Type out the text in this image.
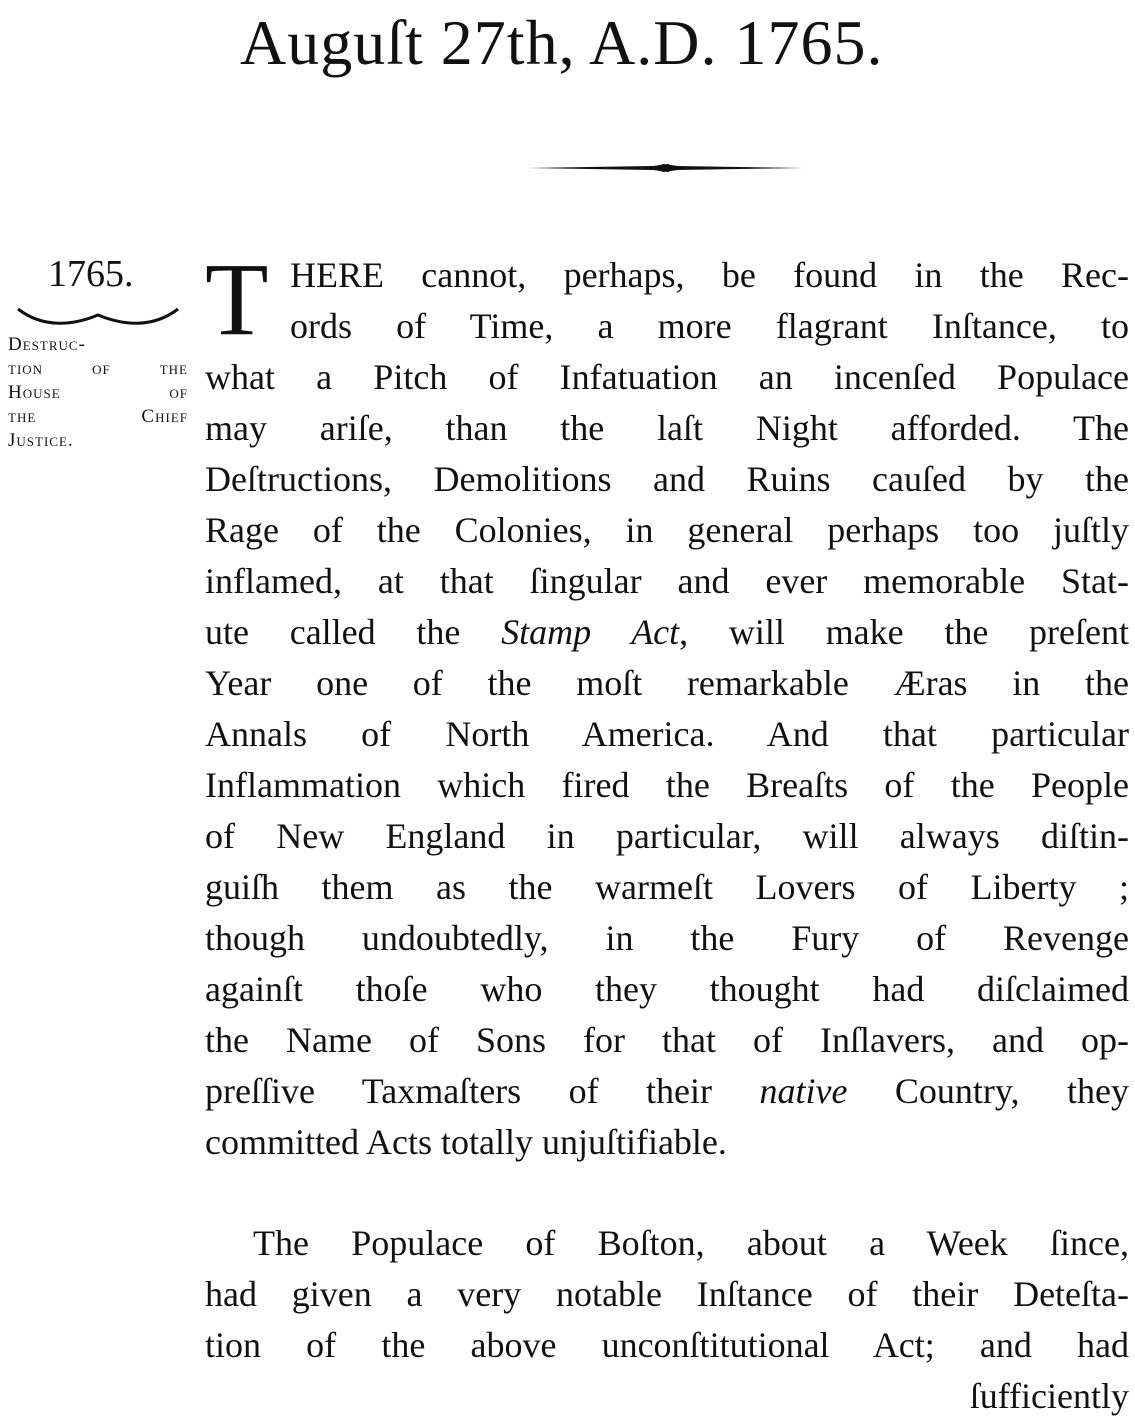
Auguſt 27th, A.D. 1765.
1765.
Destruc-
tion of the
House of
the Chief
Justice.
T HERE cannot, perhaps, be found in the Rec-
ords of Time, a more flagrant Inſtance, to
what a Pitch of Infatuation an incenſed Populace
may ariſe, than the laſt Night afforded. The
Deſtructions, Demolitions and Ruins cauſed by the
Rage of the Colonies, in general perhaps too juſtly
inflamed, at that ſingular and ever memorable Stat-
ute called the Stamp Act, will make the preſent
Year one of the moſt remarkable Æras in the
Annals of North America. And that particular
Inflammation which fired the Breaſts of the People
of New England in particular, will always diſtin-
guiſh them as the warmeſt Lovers of Liberty ;
though undoubtedly, in the Fury of Revenge
againſt thoſe who they thought had diſclaimed
the Name of Sons for that of Inſlavers, and op-
preſſive Taxmaſters of their native Country, they
committed Acts totally unjuſtifiable.
The Populace of Boſton, about a Week ſince,
had given a very notable Inſtance of their Deteſta-
tion of the above unconſtitutional Act; and had
ſufficiently
